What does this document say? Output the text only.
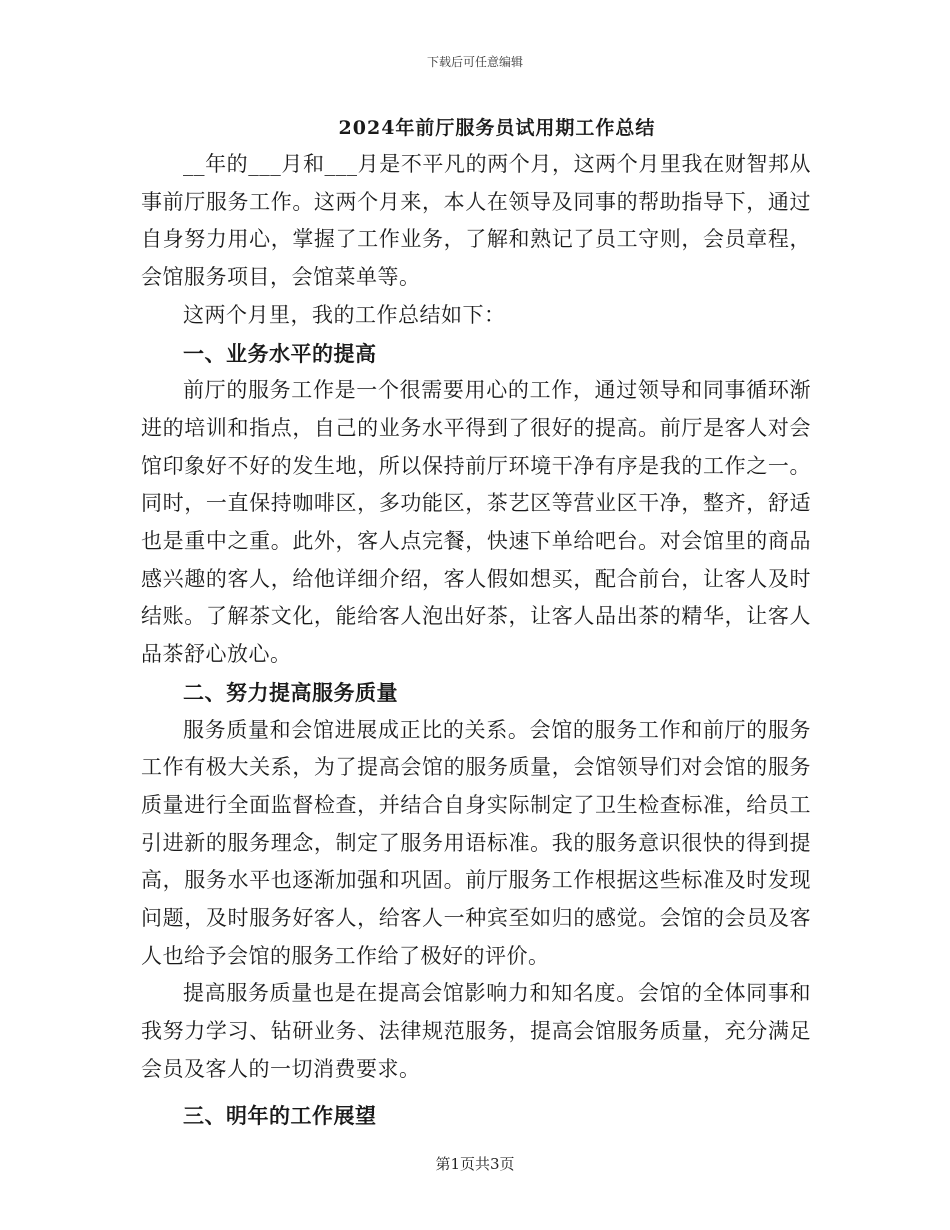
下载后可任意编辑
2024年前厅服务员试用期工作总结

__年的___月和___月是不平凡的两个月，这两个月里我在财智邦从事前厅服务工作。这两个月来，本人在领导及同事的帮助指导下，通过自身努力用心，掌握了工作业务，了解和熟记了员工守则，会员章程，会馆服务项目，会馆菜单等。

这两个月里，我的工作总结如下：

一、业务水平的提高

前厅的服务工作是一个很需要用心的工作，通过领导和同事循环渐进的培训和指点，自己的业务水平得到了很好的提高。前厅是客人对会馆印象好不好的发生地，所以保持前厅环境干净有序是我的工作之一。同时，一直保持咖啡区，多功能区，茶艺区等营业区干净，整齐，舒适也是重中之重。此外，客人点完餐，快速下单给吧台。对会馆里的商品感兴趣的客人，给他详细介绍，客人假如想买，配合前台，让客人及时结账。了解茶文化，能给客人泡出好茶，让客人品出茶的精华，让客人品茶舒心放心。

二、努力提高服务质量

服务质量和会馆进展成正比的关系。会馆的服务工作和前厅的服务工作有极大关系，为了提高会馆的服务质量，会馆领导们对会馆的服务质量进行全面监督检查，并结合自身实际制定了卫生检查标准，给员工引进新的服务理念，制定了服务用语标准。我的服务意识很快的得到提高，服务水平也逐渐加强和巩固。前厅服务工作根据这些标准及时发现问题，及时服务好客人，给客人一种宾至如归的感觉。会馆的会员及客人也给予会馆的服务工作给了极好的评价。

提高服务质量也是在提高会馆影响力和知名度。会馆的全体同事和我努力学习、钻研业务、法律规范服务，提高会馆服务质量，充分满足会员及客人的一切消费要求。

三、明年的工作展望
第1页共3页
